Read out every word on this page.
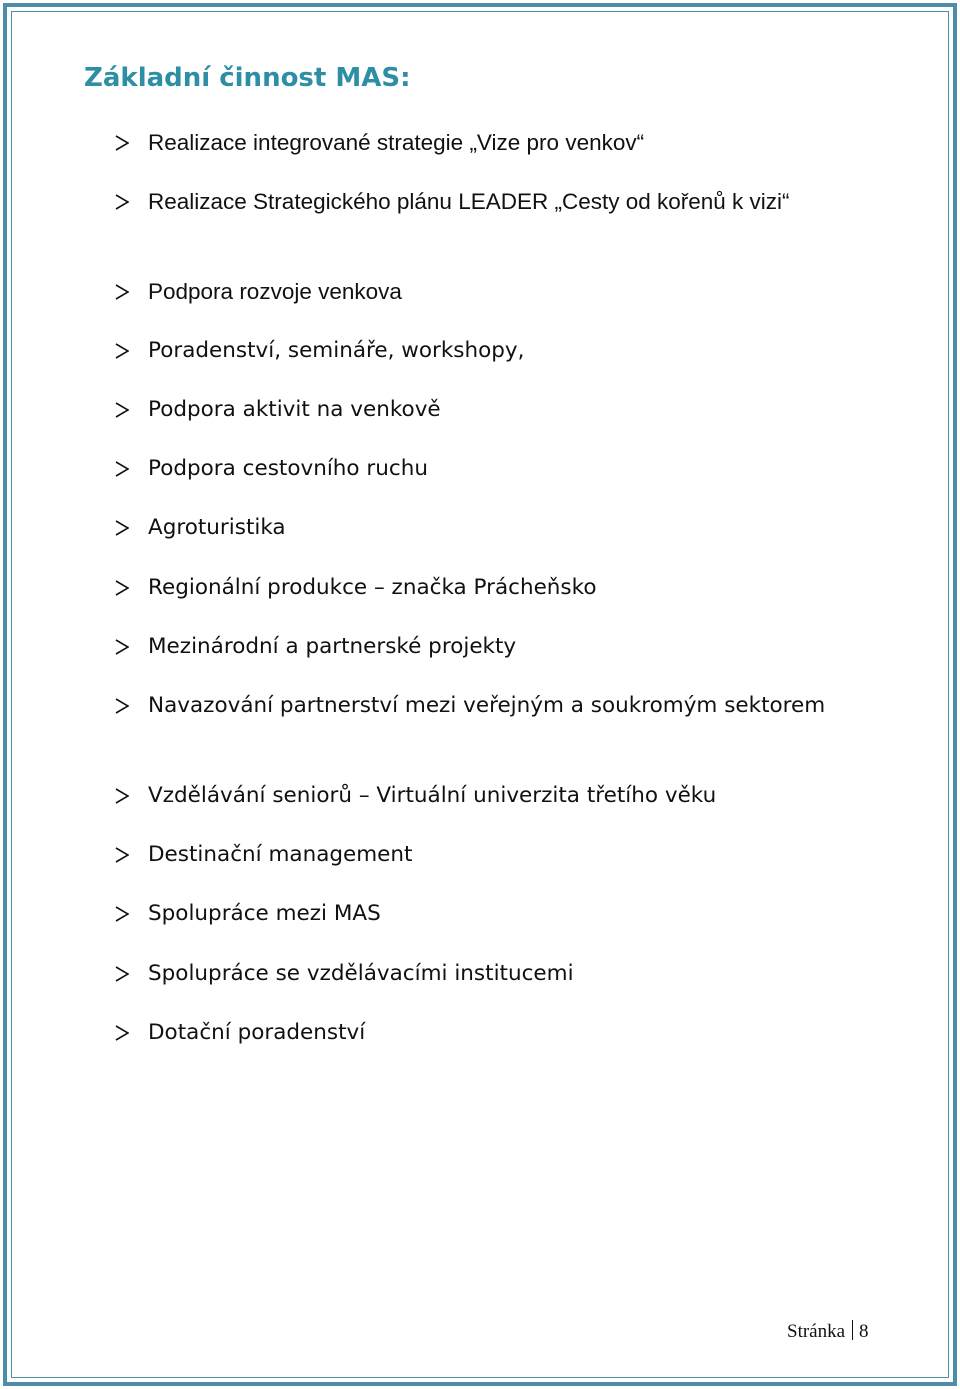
Základní činnost MAS:
Realizace integrované strategie „Vize pro venkov“
Realizace Strategického plánu LEADER „Cesty od kořenů k vizi“
Podpora rozvoje venkova
Poradenství, semináře, workshopy,
Podpora aktivit na venkově
Podpora cestovního ruchu
Agroturistika
Regionální produkce – značka Prácheňsko
Mezinárodní a partnerské projekty
Navazování partnerství mezi veřejným a soukromým sektorem
Vzdělávání seniorů – Virtuální univerzita třetího věku
Destinační management
Spolupráce mezi MAS
Spolupráce se vzdělávacími institucemi
Dotační poradenství
Stránka 8
